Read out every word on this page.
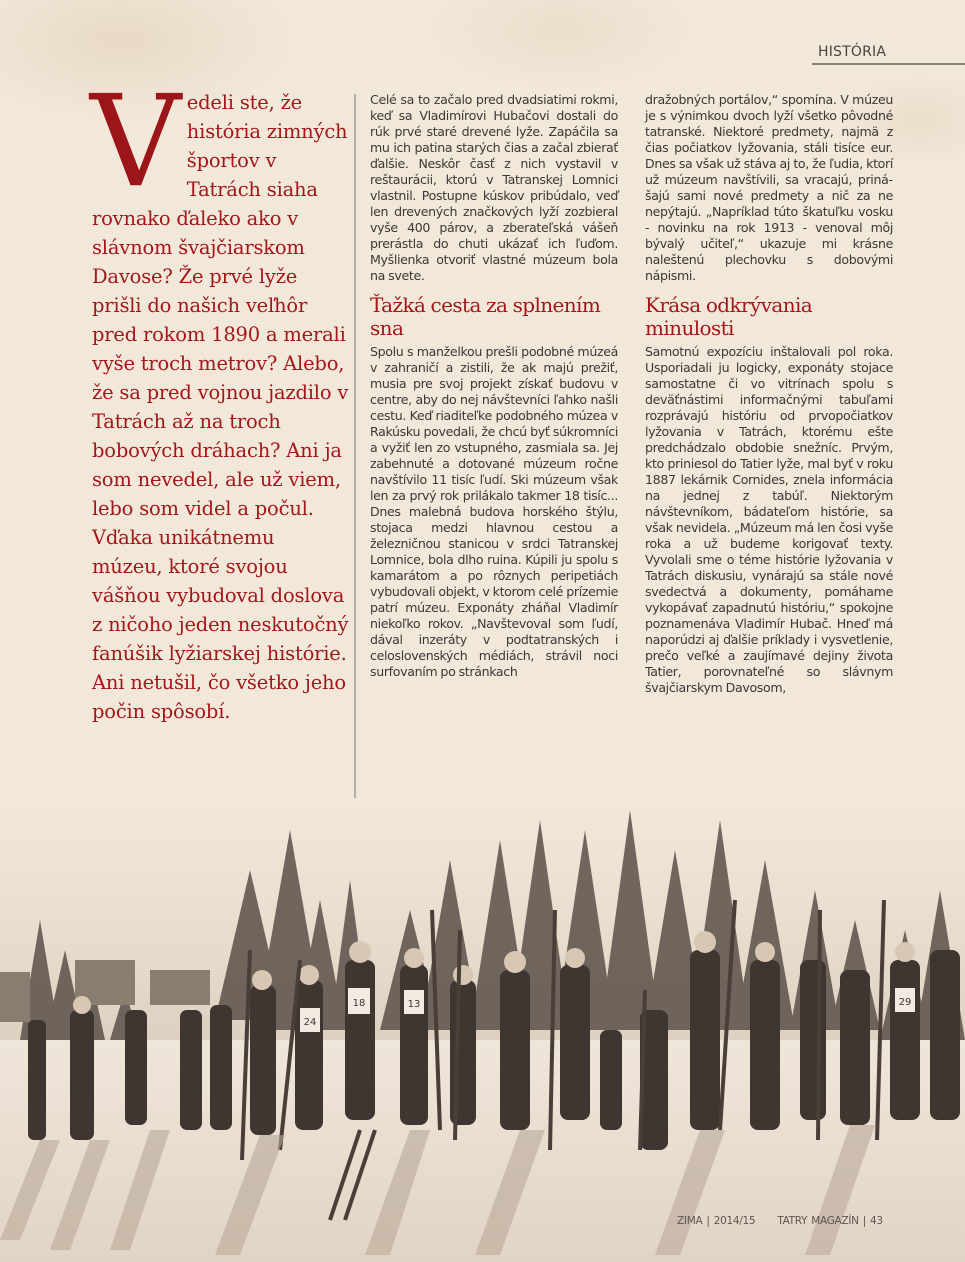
HISTÓRIA
V edeli ste, že história zimných športov v Tatrách siaha rovnako ďaleko ako v slávnom švajčiarskom Davose? Že prvé lyže prišli do našich veľhôr pred rokom 1890 a merali vyše troch metrov? Alebo, že sa pred vojnou jazdilo v Tatrách až na troch bobových dráhach? Ani ja som nevedel, ale už viem, lebo som videl a počul. Vďaka unikátnemu múzeu, ktoré svojou vášňou vybudoval doslova z ničoho jeden neskutočný fanúšik lyžiarskej histórie. Ani netušil, čo všetko jeho počin spôsobí.

Celé sa to začalo pred dvadsiatimi rokmi, keď sa Vladimírovi Hubačovi dostali do rúk prvé staré drevené lyže. Zapáčila sa mu ich patina starých čias a začal zbierať ďalšie. Neskôr časť z nich vystavil v reštaurácii, ktorú v Tatranskej Lomnici vlastnil. Postupne kúskov pribúdalo, veď len drevených značkových lyží zozbieral vyše 400 párov, a zberateľská vášeň prerástla do chuti ukázať ich ľuďom. Myšlienka otvoriť vlastné múzeum bola na svete.

Ťažká cesta za splnením sna

Spolu s manželkou prešli podobné múzeá v zahraničí a zistili, že ak majú prežiť, musia pre svoj projekt získať budovu v centre, aby do nej návštevníci ľahko našli cestu. Keď riaditeľke podobného múzea v Rakúsku povedali, že chcú byť súkromníci a vyžiť len zo vstupného, zasmiala sa. Jej zabehnuté a dotované múzeum ročne navštívilo 11 tisíc ľudí. Ski múzeum však len za prvý rok prilákalo takmer 18 tisíc... Dnes malebná budova horského štýlu, stojaca medzi hlavnou cestou a železničnou stanicou v srdci Tatranskej Lomnice, bola dlho ruina. Kúpili ju spolu s kamarátom a po rôznych peripetiách vybudovali objekt, v ktorom celé prízemie patrí múzeu. Exponáty zháňal Vladimír niekoľko rokov. „Navštevoval som ľudí, dával inzeráty v podtatranských i celoslovenských médiách, strávil noci surfovaním po stránkach

dražobných portálov,“ spomína. V múzeu je s výnimkou dvoch lyží všetko pôvodné tatranské. Niektoré predmety, najmä z čias počiatkov lyžovania, stáli tisíce eur. Dnes sa však už stáva aj to, že ľudia, ktorí už múzeum navštívili, sa vracajú, prinášajú sami nové predmety a nič za ne nepýtajú. „Napríklad túto škatuľku vosku - novinku na rok 1913 - venoval môj bývalý učiteľ,“ ukazuje mi krásne naleštenú plechovku s dobovými nápismi.

Krása odkrývania minulosti

Samotnú expozíciu inštalovali pol roka. Usporiadali ju logicky, exponáty stojace samostatne či vo vitrínach spolu s deväťnástimi informačnými tabuľami rozprávajú históriu od prvopočiatkov lyžovania v Tatrách, ktorému ešte predchádzalo obdobie snežníc. Prvým, kto priniesol do Tatier lyže, mal byť v roku 1887 lekárnik Cornides, znela informácia na jednej z tabúľ. Niektorým návštevníkom, bádateľom histórie, sa však nevidela. „Múzeum má len čosi vyše roka a už budeme korigovať texty. Vyvolali sme o téme histórie lyžovania v Tatrách diskusiu, vynárajú sa stále nové svedectvá a dokumenty, pomáhame vykopávať zapadnutú históriu,“ spokojne poznamenáva Vladimír Hubač. Hneď má naporúdzi aj ďalšie príklady i vysvetlenie, prečo veľké a zaujímavé dejiny života Tatier, porovnateľné so slávnym švajčiarskym Davosom,

18	13	29
24
ZIMA | 2014/15 TATRY MAGAZÍN | 43
